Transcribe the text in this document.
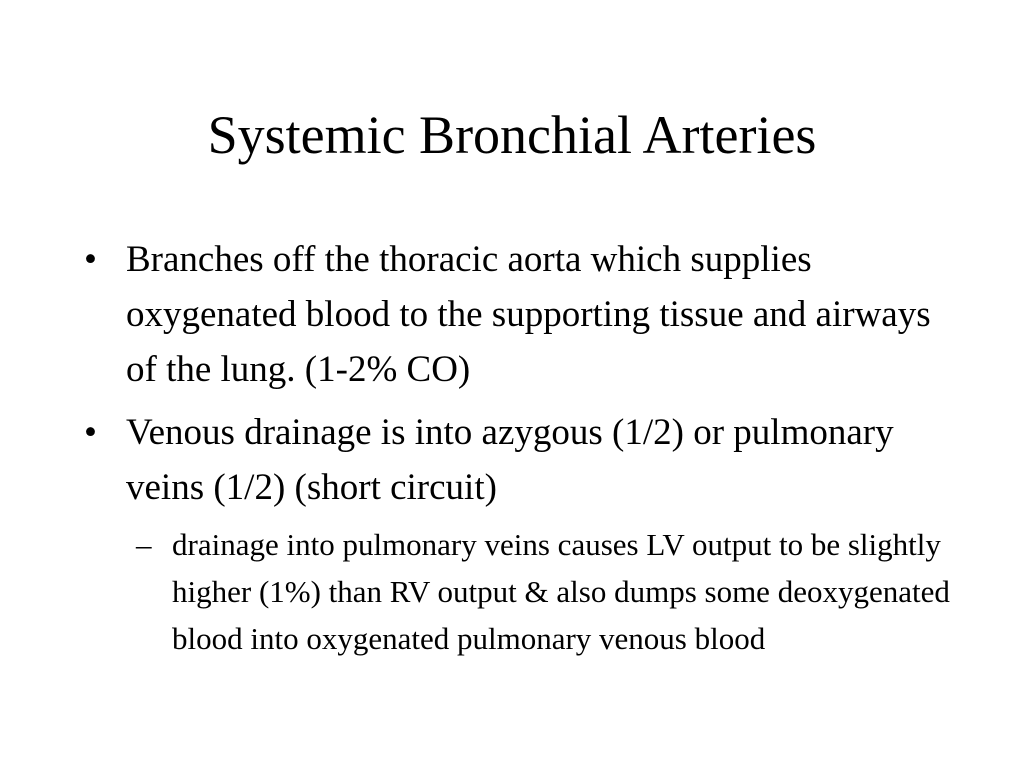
Systemic Bronchial Arteries
• Branches off the thoracic aorta which supplies oxygenated blood to the supporting tissue and airways of the lung. (1-2% CO)
• Venous drainage is into azygous (1/2) or pulmonary veins (1/2) (short circuit)
– drainage into pulmonary veins causes LV output to be slightly higher (1%) than RV output & also dumps some deoxygenated blood into oxygenated pulmonary venous blood
